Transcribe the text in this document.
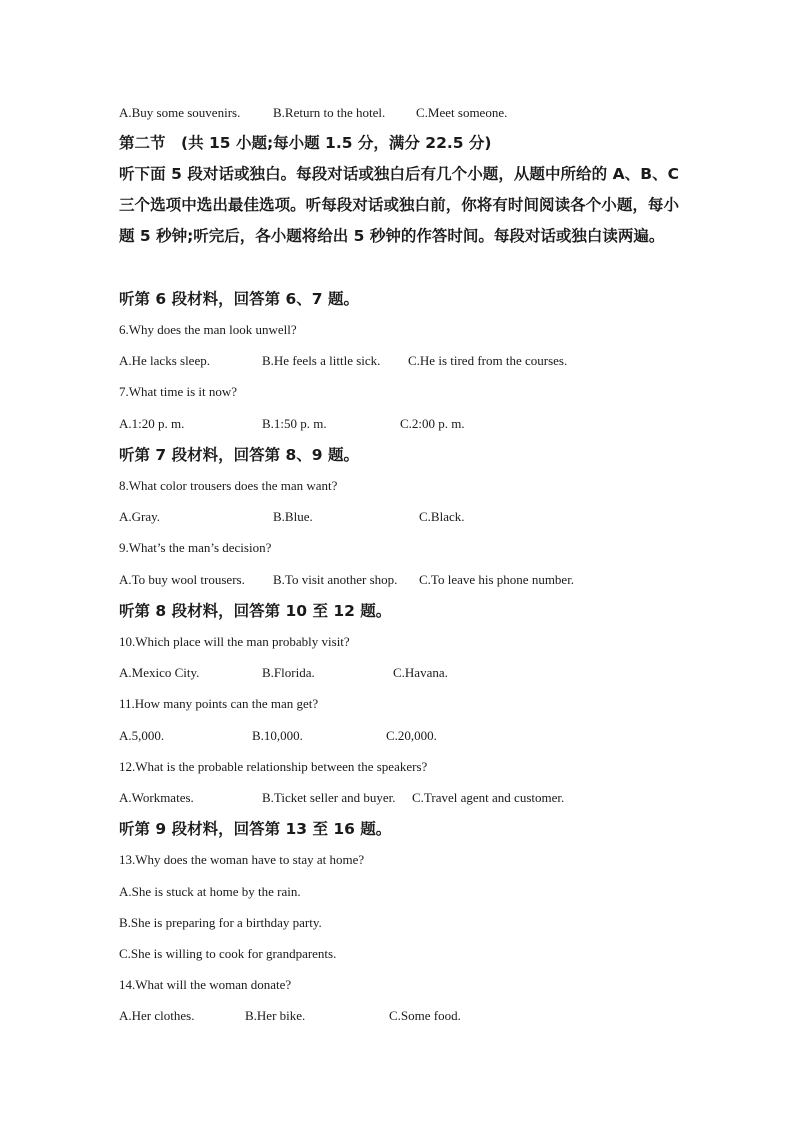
A.Buy some souvenirs.	B.Return to the hotel. C.Meet someone.
第二节　(共 15 小题;每小题 1.5 分，满分 22.5 分)
听下面 5 段对话或独白。每段对话或独白后有几个小题，从题中所给的 A、B、C 三个选项中选出最佳选项。听每段对话或独白前，你将有时间阅读各个小题，每小题 5 秒钟;听完后，各小题将给出 5 秒钟的作答时间。每段对话或独白读两遍。
听第 6 段材料，回答第 6、7 题。
6.Why does the man look unwell?
A.He lacks sleep.	B.He feels a little sick. C.He is tired from the courses.
7.What time is it now?
A.1:20 p. m.	B.1:50 p. m.	C.2:00 p. m.
听第 7 段材料，回答第 8、9 题。
8.What color trousers does the man want?
A.Gray.	B.Blue.	C.Black.
9.What’s the man’s decision?
A.To buy wool trousers. B.To visit another shop. C.To leave his phone number.
听第 8 段材料，回答第 10 至 12 题。
10.Which place will the man probably visit?
A.Mexico City.	B.Florida.	C.Havana.
11.How many points can the man get?
A.5,000.	B.10,000.	C.20,000.
12.What is the probable relationship between the speakers?
A.Workmates.	B.Ticket seller and buyer. C.Travel agent and customer.
听第 9 段材料，回答第 13 至 16 题。
13.Why does the woman have to stay at home?
A.She is stuck at home by the rain.
B.She is preparing for a birthday party.
C.She is willing to cook for grandparents.
14.What will the woman donate?
A.Her clothes.	B.Her bike.	C.Some food.
